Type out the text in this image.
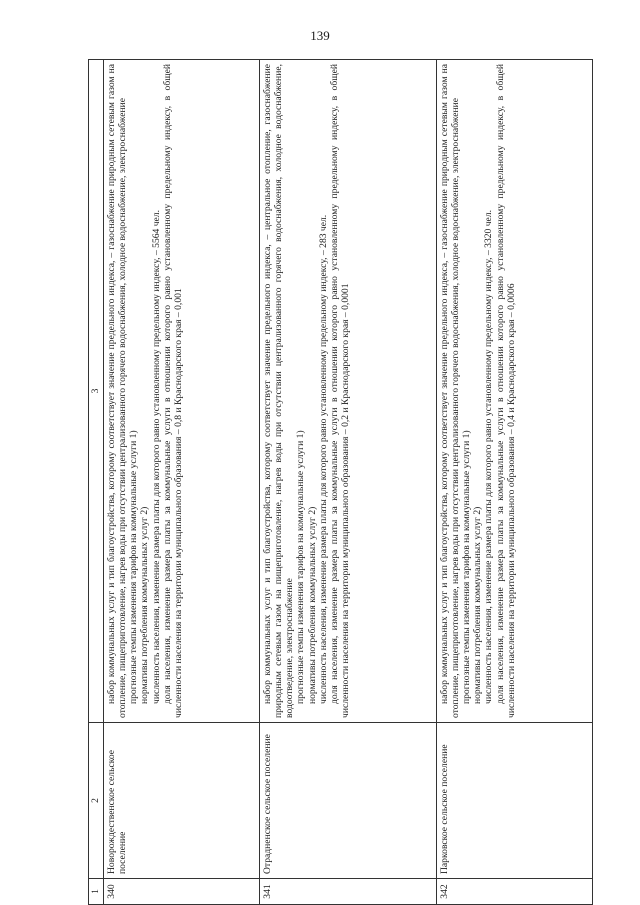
139
1	2	3
340	Новорождественское сельское поселение	набор коммунальных услуг и тип благоустройства, которому соответствует значение предельного индекса, – газоснабжение природным сетевым газом на отопление, пищеприготовление, нагрев воды при отсутствии централизованного горячего водоснабжения, холодное водоснабжение, электроснабжение прогнозные темпы изменения тарифов на коммунальные услуги 1) нормативы потребления коммунальных услуг 2) численность населения, изменение размера платы для которого равно установленному предельному индексу, – 5564 чел. доля населения, изменение размера платы за коммунальные услуги в отношении которого равно установленному предельному индексу, в общей численности населения на территории муниципального образования – 0,8 и Краснодарского края – 0,001

341	Отрадненское сельское поселение	набор коммунальных услуг и тип благоустройства, которому соответствует значение предельного индекса, – центральное отопление, газоснабжение природным сетевым газом на пищеприготовление, нагрев воды при отсутствии централизованного горячего водоснабжения, холодное водоснабжение, водоотведение, электроснабжение прогнозные темпы изменения тарифов на коммунальные услуги 1) нормативы потребления коммунальных услуг 2) численность населения, изменение размера платы для которого равно установленному предельному индексу, – 283 чел. доля населения, изменение размера платы за коммунальные услуги в отношении которого равно установленному предельному индексу, в общей численности населения на территории муниципального образования – 0,2 и Краснодарского края – 0,0001

342	Парковское сельское поселение	набор коммунальных услуг и тип благоустройства, которому соответствует значение предельного индекса, – газоснабжение природным сетевым газом на отопление, пищеприготовление, нагрев воды при отсутствии централизованного горячего водоснабжения, холодное водоснабжение, электроснабжение прогнозные темпы изменения тарифов на коммунальные услуги 1) нормативы потребления коммунальных услуг 2) численность населения, изменение размера платы для которого равно установленному предельному индексу, – 3320 чел. доля населения, изменение размера платы за коммунальные услуги в отношении которого равно установленному предельному индексу, в общей численности населения на территории муниципального образования – 0,4 и Краснодарского края – 0,0006
